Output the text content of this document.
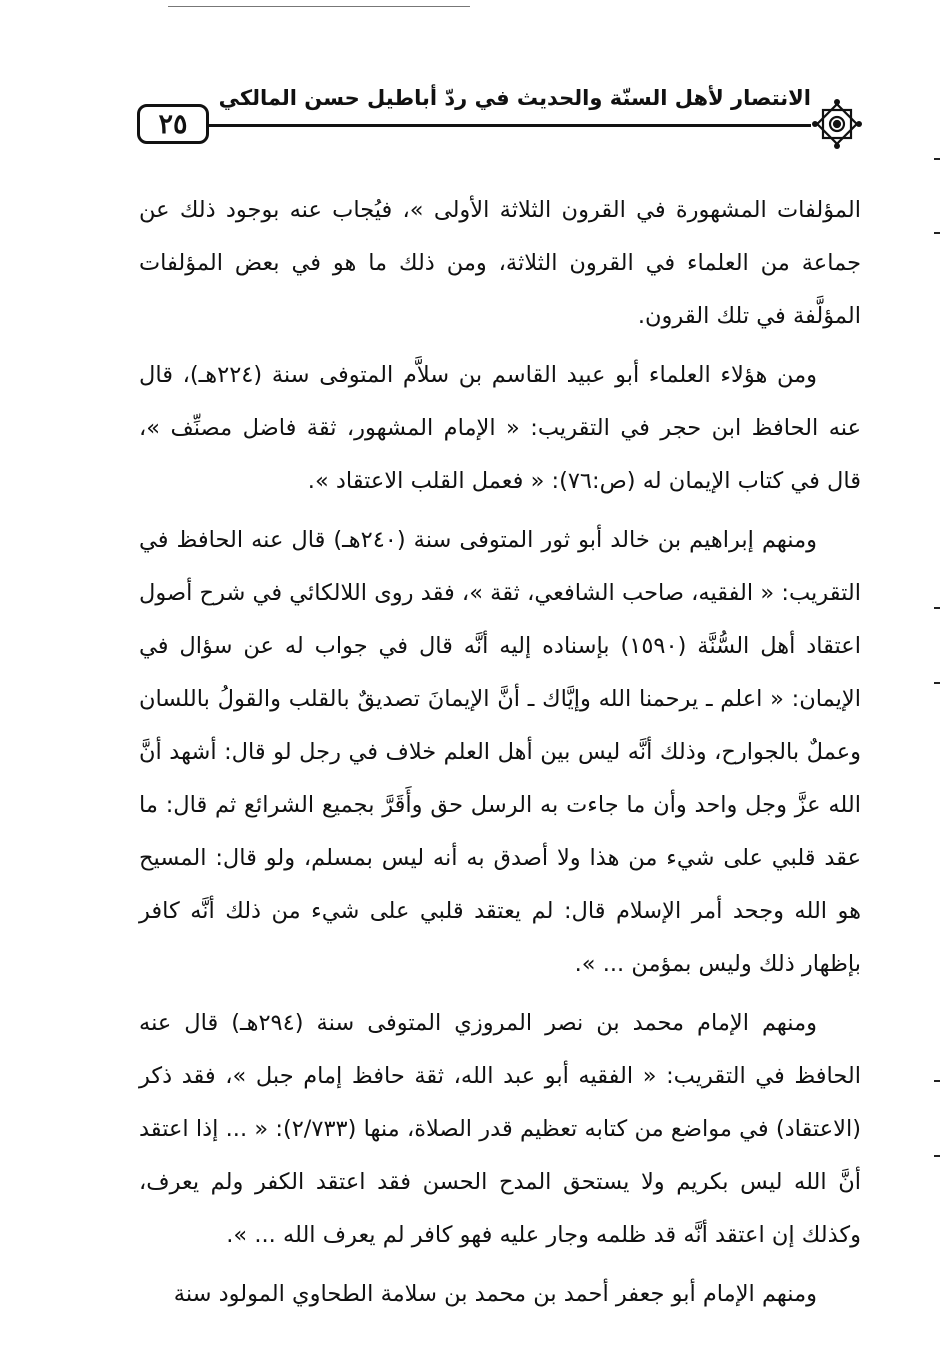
٢٥
الانتصار لأهل السنّة والحديث في ردّ أباطيل حسن المالكي

المؤلفات المشهورة في القرون الثلاثة الأولى »، فيُجاب عنه بوجود ذلك عن جماعة من العلماء في القرون الثلاثة، ومن ذلك ما هو في بعض المؤلفات المؤلَّفة في تلك القرون.

ومن هؤلاء العلماء أبو عبيد القاسم بن سلاَّم المتوفى سنة (٢٢٤هـ)، قال عنه الحافظ ابن حجر في التقريب: « الإمام المشهور، ثقة فاضل مصنِّف »، قال في كتاب الإيمان له (ص:٧٦): « فعمل القلب الاعتقاد ».

ومنهم إبراهيم بن خالد أبو ثور المتوفى سنة (٢٤٠هـ) قال عنه الحافظ في التقريب: « الفقيه، صاحب الشافعي، ثقة »، فقد روى اللالكائي في شرح أصول اعتقاد أهل السُّنَّة (١٥٩٠) بإسناده إليه أنَّه قال في جواب له عن سؤال في الإيمان: « اعلم ـ يرحمنا الله وإيَّاك ـ أنَّ الإيمانَ تصديقٌ بالقلب والقولُ باللسان وعملٌ بالجوارح، وذلك أنَّه ليس بين أهل العلم خلاف في رجل لو قال: أشهد أنَّ الله عزَّ وجل واحد وأن ما جاءت به الرسل حق وأَقَرَّ بجميع الشرائع ثم قال: ما عقد قلبي على شيء من هذا ولا أصدق به أنه ليس بمسلم، ولو قال: المسيح هو الله وجحد أمر الإسلام قال: لم يعتقد قلبي على شيء من ذلك أنَّه كافر بإظهار ذلك وليس بمؤمن ... ».

ومنهم الإمام محمد بن نصر المروزي المتوفى سنة (٢٩٤هـ) قال عنه الحافظ في التقريب: « الفقيه أبو عبد الله، ثقة حافظ إمام جبل »، فقد ذكر (الاعتقاد) في مواضع من كتابه تعظيم قدر الصلاة، منها (٢/٧٣٣): « ... إذا اعتقد أنَّ الله ليس بكريم ولا يستحق المدح الحسن فقد اعتقد الكفر ولم يعرف، وكذلك إن اعتقد أنَّه قد ظلمه وجار عليه فهو كافر لم يعرف الله ... ».

ومنهم الإمام أبو جعفر أحمد بن محمد بن سلامة الطحاوي المولود سنة
